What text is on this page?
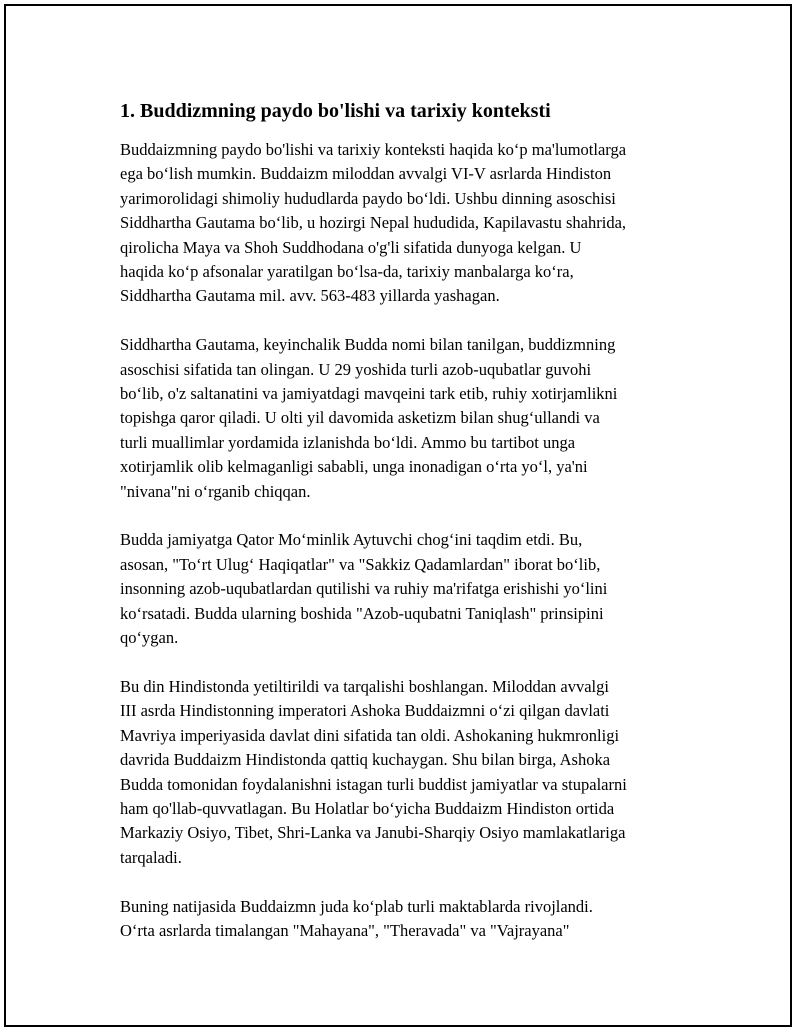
1. Buddizmning paydo bo'lishi va tarixiy konteksti

Buddaizmning paydo bo'lishi va tarixiy konteksti haqida koʻp ma'lumotlarga
ega boʻlish mumkin. Buddaizm miloddan avvalgi VI-V asrlarda Hindiston
yarimorolidagi shimoliy hududlarda paydo boʻldi. Ushbu dinning asoschisi
Siddhartha Gautama boʻlib, u hozirgi Nepal hududida, Kapilavastu shahrida,
qirolicha Maya va Shoh Suddhodana o'g'li sifatida dunyoga kelgan. U
haqida koʻp afsonalar yaratilgan boʻlsa-da, tarixiy manbalarga koʻra,
Siddhartha Gautama mil. avv. 563-483 yillarda yashagan.

Siddhartha Gautama, keyinchalik Budda nomi bilan tanilgan, buddizmning
asoschisi sifatida tan olingan. U 29 yoshida turli azob-uqubatlar guvohi
boʻlib, o'z saltanatini va jamiyatdagi mavqeini tark etib, ruhiy xotirjamlikni
topishga qaror qiladi. U olti yil davomida asketizm bilan shugʻullandi va
turli muallimlar yordamida izlanishda boʻldi. Ammo bu tartibot unga
xotirjamlik olib kelmaganligi sababli, unga inonadigan oʻrta yoʻl, ya'ni
"nivana"ni oʻrganib chiqqan.

Budda jamiyatga Qator Moʻminlik Aytuvchi chogʻini taqdim etdi. Bu,
asosan, "Toʻrt Ulugʻ Haqiqatlar" va "Sakkiz Qadamlardan" iborat boʻlib,
insonning azob-uqubatlardan qutilishi va ruhiy ma'rifatga erishishi yoʻlini
koʻrsatadi. Budda ularning boshida "Azob-uqubatni Taniqlash" prinsipini
qoʻygan.

Bu din Hindistonda yetiltirildi va tarqalishi boshlangan. Miloddan avvalgi
III asrda Hindistonning imperatori Ashoka Buddaizmni oʻzi qilgan davlati
Mavriya imperiyasida davlat dini sifatida tan oldi. Ashokaning hukmronligi
davrida Buddaizm Hindistonda qattiq kuchaygan. Shu bilan birga, Ashoka
Budda tomonidan foydalanishni istagan turli buddist jamiyatlar va stupalarni
ham qo'llab-quvvatlagan. Bu Holatlar boʻyicha Buddaizm Hindiston ortida
Markaziy Osiyo, Tibet, Shri-Lanka va Janubi-Sharqiy Osiyo mamlakatlariga
tarqaladi.

Buning natijasida Buddaizmn juda koʻplab turli maktablarda rivojlandi.
Oʻrta asrlarda timalangan "Mahayana", "Theravada" va "Vajrayana"
